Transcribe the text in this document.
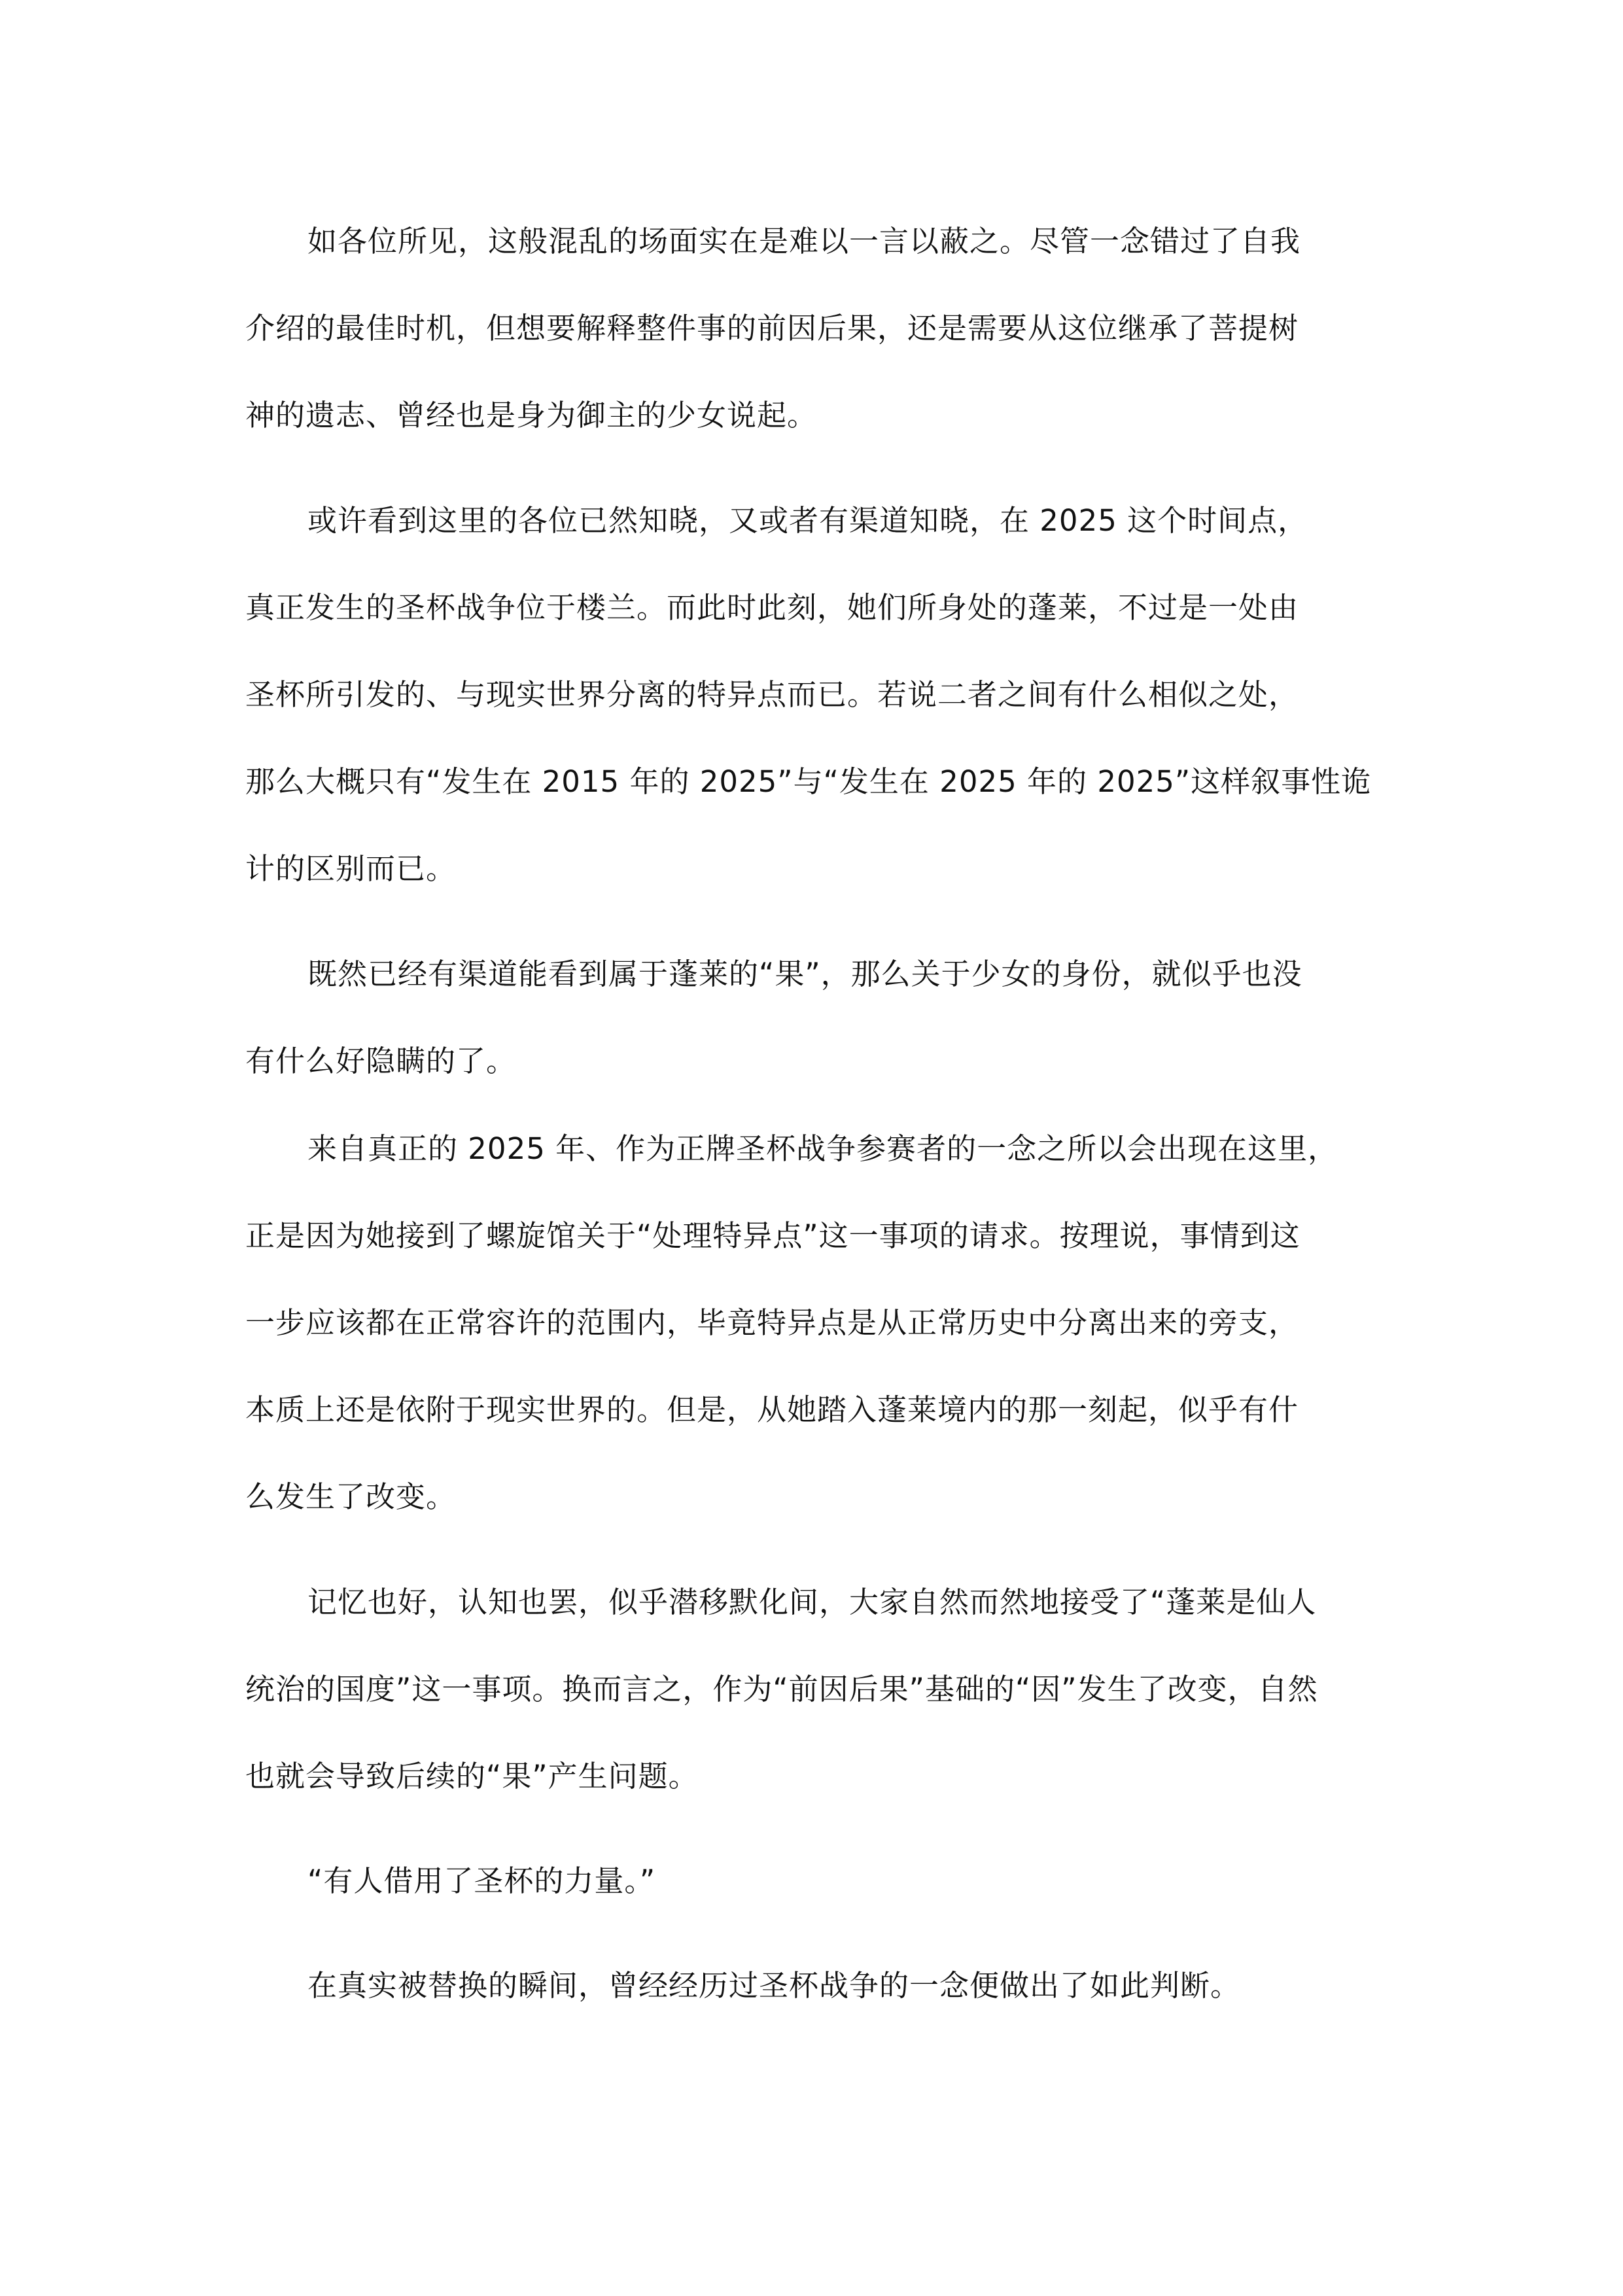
如各位所见，这般混乱的场面实在是难以一言以蔽之。尽管一念错过了自我
介绍的最佳时机，但想要解释整件事的前因后果，还是需要从这位继承了菩提树
神的遗志、曾经也是身为御主的少女说起。
或许看到这里的各位已然知晓，又或者有渠道知晓，在 2025 这个时间点，
真正发生的圣杯战争位于楼兰。而此时此刻，她们所身处的蓬莱，不过是一处由
圣杯所引发的、与现实世界分离的特异点而已。若说二者之间有什么相似之处，
那么大概只有“发生在 2015 年的 2025”与“发生在 2025 年的 2025”这样叙事性诡
计的区别而已。
既然已经有渠道能看到属于蓬莱的“果”，那么关于少女的身份，就似乎也没
有什么好隐瞒的了。
来自真正的 2025 年、作为正牌圣杯战争参赛者的一念之所以会出现在这里，
正是因为她接到了螺旋馆关于“处理特异点”这一事项的请求。按理说，事情到这
一步应该都在正常容许的范围内，毕竟特异点是从正常历史中分离出来的旁支，
本质上还是依附于现实世界的。但是，从她踏入蓬莱境内的那一刻起，似乎有什
么发生了改变。
记忆也好，认知也罢，似乎潜移默化间，大家自然而然地接受了“蓬莱是仙人
统治的国度”这一事项。换而言之，作为“前因后果”基础的“因”发生了改变，自然
也就会导致后续的“果”产生问题。
“有人借用了圣杯的力量。”
在真实被替换的瞬间，曾经经历过圣杯战争的一念便做出了如此判断。
